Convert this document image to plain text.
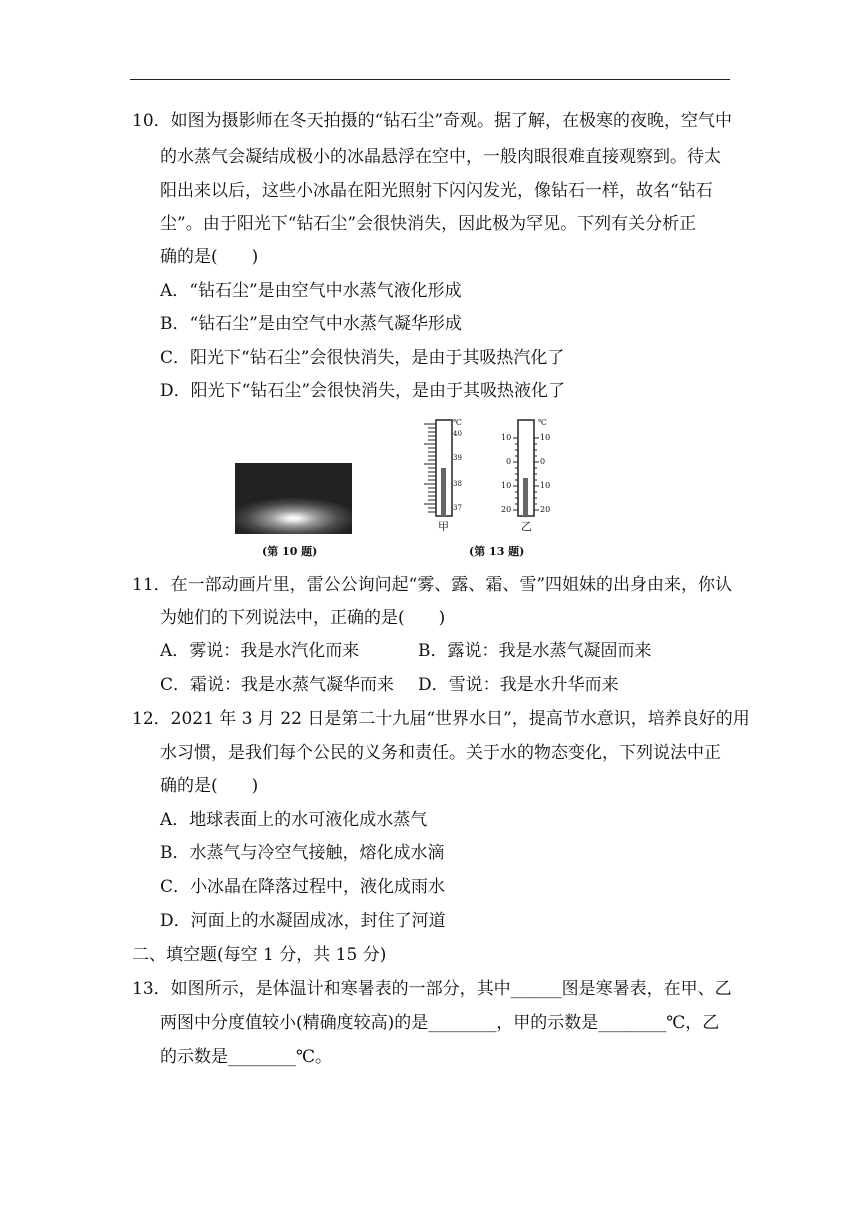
10．如图为摄影师在冬天拍摄的“钻石尘”奇观。据了解，在极寒的夜晚，空气中
的水蒸气会凝结成极小的冰晶悬浮在空中，一般肉眼很难直接观察到。待太
阳出来以后，这些小冰晶在阳光照射下闪闪发光，像钻石一样，故名“钻石
尘”。由于阳光下“钻石尘”会很快消失，因此极为罕见。下列有关分析正
确的是(　　)
A．“钻石尘”是由空气中水蒸气液化形成
B．“钻石尘”是由空气中水蒸气凝华形成
C．阳光下“钻石尘”会很快消失，是由于其吸热汽化了
D．阳光下“钻石尘”会很快消失，是由于其吸热液化了
(第 10 题)
℃
40
39
38
37
甲
℃
10
0
10
20
10
0
10
20
乙
(第 13 题)
11．在一部动画片里，雷公公询问起“雾、露、霜、雪”四姐妹的出身由来，你认
为她们的下列说法中，正确的是(　　)
A．雾说：我是水汽化而来	B．露说：我是水蒸气凝固而来
C．霜说：我是水蒸气凝华而来 D．雪说：我是水升华而来
12．2021 年 3 月 22 日是第二十九届“世界水日”，提高节水意识，培养良好的用
水习惯，是我们每个公民的义务和责任。关于水的物态变化，下列说法中正
确的是(　　)
A．地球表面上的水可液化成水蒸气
B．水蒸气与冷空气接触，熔化成水滴
C．小冰晶在降落过程中，液化成雨水
D．河面上的水凝固成冰，封住了河道
二、填空题(每空 1 分，共 15 分)
13．如图所示，是体温计和寒暑表的一部分，其中______图是寒暑表，在甲、乙
两图中分度值较小(精确度较高)的是________，甲的示数是________℃，乙
的示数是________℃。
